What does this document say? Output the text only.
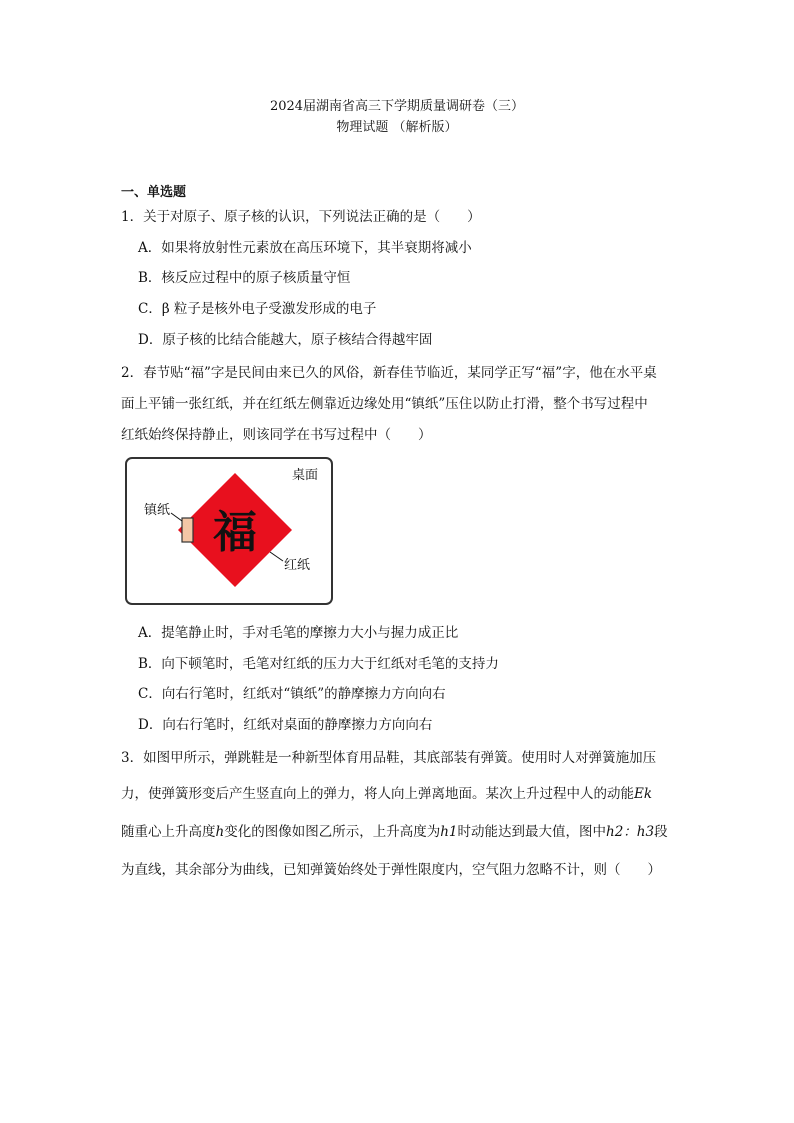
2024届湖南省高三下学期质量调研卷（三）
物理试题 （解析版）
一、单选题
1．关于对原子、原子核的认识，下列说法正确的是（　　）
A．如果将放射性元素放在高压环境下，其半衰期将减小
B．核反应过程中的原子核质量守恒
C．β 粒子是核外电子受激发形成的电子
D．原子核的比结合能越大，原子核结合得越牢固
2．春节贴“福”字是民间由来已久的风俗，新春佳节临近，某同学正写“福”字，他在水平桌
面上平铺一张红纸，并在红纸左侧靠近边缘处用“镇纸”压住以防止打滑，整个书写过程中
红纸始终保持静止，则该同学在书写过程中（　　）
福
桌面
镇纸
红纸
A．提笔静止时，手对毛笔的摩擦力大小与握力成正比
B．向下顿笔时，毛笔对红纸的压力大于红纸对毛笔的支持力
C．向右行笔时，红纸对“镇纸”的静摩擦力方向向右
D．向右行笔时，红纸对桌面的静摩擦力方向向右
3．如图甲所示，弹跳鞋是一种新型体育用品鞋，其底部装有弹簧。使用时人对弹簧施加压
力，使弹簧形变后产生竖直向上的弹力，将人向上弹离地面。某次上升过程中人的动能Ek
随重心上升高度h变化的图像如图乙所示，上升高度为h1时动能达到最大值，图中h2：h3段
为直线，其余部分为曲线，已知弹簧始终处于弹性限度内，空气阻力忽略不计，则（　　）
